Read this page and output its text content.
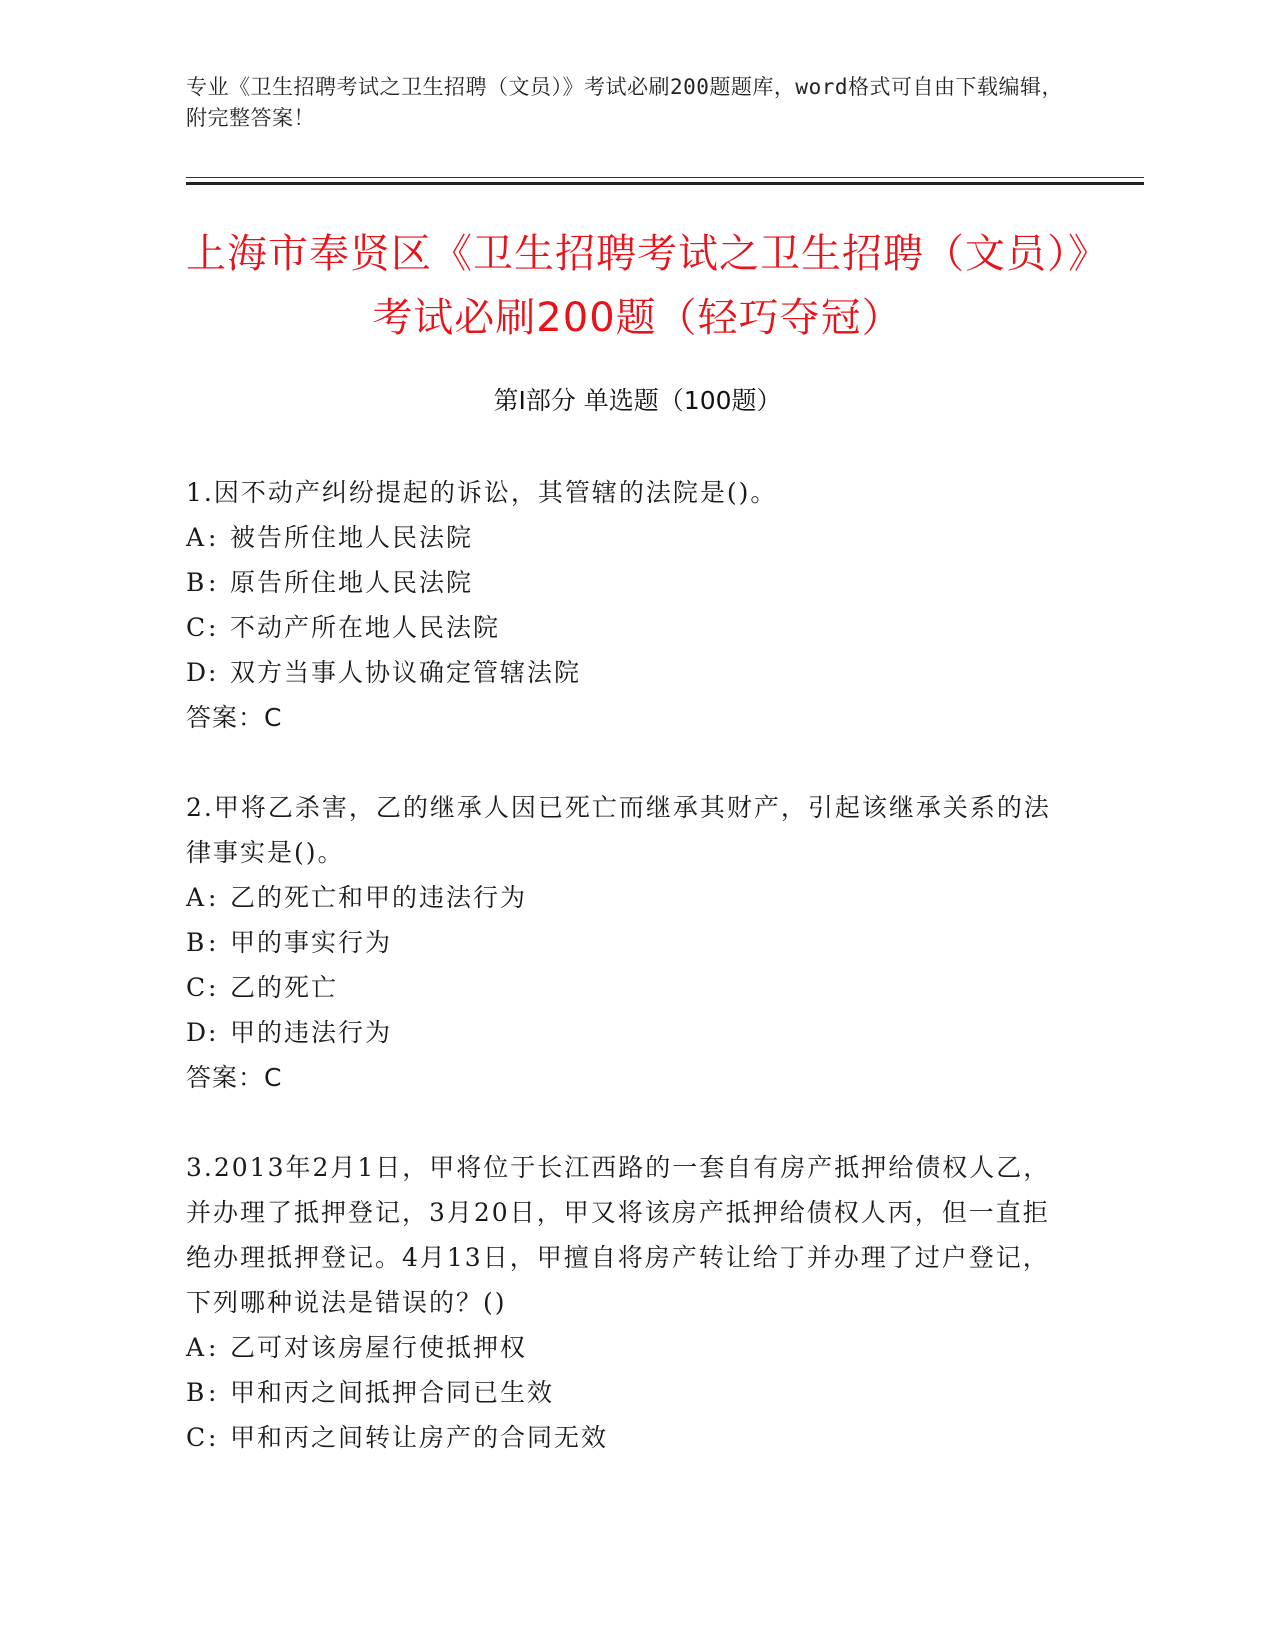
专业《卫生招聘考试之卫生招聘（文员）》考试必刷200题题库，word格式可自由下载编辑，附完整答案！
上海市奉贤区《卫生招聘考试之卫生招聘（文员）》考试必刷200题（轻巧夺冠）
第I部分 单选题（100题）
1.因不动产纠纷提起的诉讼，其管辖的法院是()。
A: 被告所住地人民法院
B: 原告所住地人民法院
C: 不动产所在地人民法院
D: 双方当事人协议确定管辖法院
答案：C
2.甲将乙杀害，乙的继承人因已死亡而继承其财产，引起该继承关系的法律事实是()。
A: 乙的死亡和甲的违法行为
B: 甲的事实行为
C: 乙的死亡
D: 甲的违法行为
答案：C
3.2013年2月1日，甲将位于长江西路的一套自有房产抵押给债权人乙，并办理了抵押登记，3月20日，甲又将该房产抵押给债权人丙，但一直拒绝办理抵押登记。4月13日，甲擅自将房产转让给丁并办理了过户登记，下列哪种说法是错误的？()
A: 乙可对该房屋行使抵押权
B: 甲和丙之间抵押合同已生效
C: 甲和丙之间转让房产的合同无效
